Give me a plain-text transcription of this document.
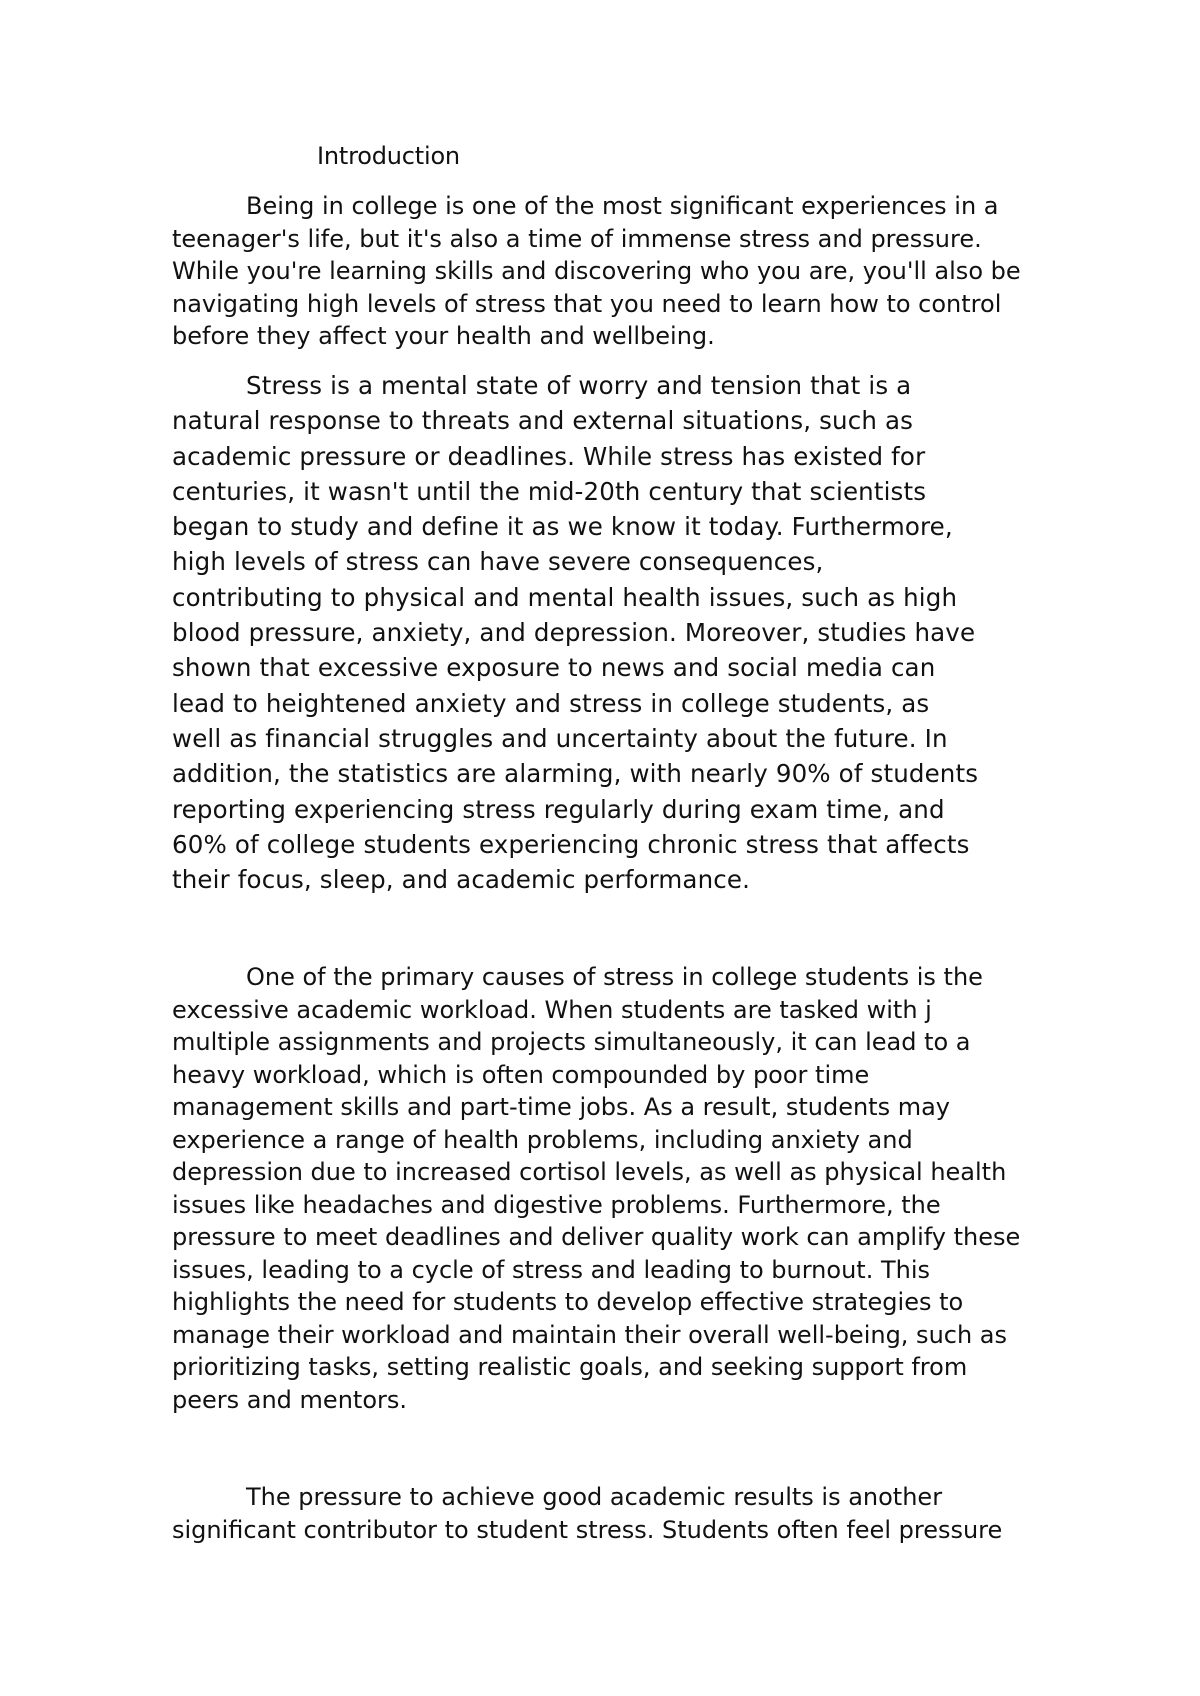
Introduction

Being in college is one of the most significant experiences in a
teenager's life, but it's also a time of immense stress and pressure.
While you're learning skills and discovering who you are, you'll also be
navigating high levels of stress that you need to learn how to control
before they affect your health and wellbeing.

Stress is a mental state of worry and tension that is a
natural response to threats and external situations, such as
academic pressure or deadlines. While stress has existed for
centuries, it wasn't until the mid-20th century that scientists
began to study and define it as we know it today. Furthermore,
high levels of stress can have severe consequences,
contributing to physical and mental health issues, such as high
blood pressure, anxiety, and depression. Moreover, studies have
shown that excessive exposure to news and social media can
lead to heightened anxiety and stress in college students, as
well as financial struggles and uncertainty about the future. In
addition, the statistics are alarming, with nearly 90% of students
reporting experiencing stress regularly during exam time, and
60% of college students experiencing chronic stress that affects
their focus, sleep, and academic performance.

One of the primary causes of stress in college students is the
excessive academic workload. When students are tasked with j
multiple assignments and projects simultaneously, it can lead to a
heavy workload, which is often compounded by poor time
management skills and part-time jobs. As a result, students may
experience a range of health problems, including anxiety and
depression due to increased cortisol levels, as well as physical health
issues like headaches and digestive problems. Furthermore, the
pressure to meet deadlines and deliver quality work can amplify these
issues, leading to a cycle of stress and leading to burnout. This
highlights the need for students to develop effective strategies to
manage their workload and maintain their overall well-being, such as
prioritizing tasks, setting realistic goals, and seeking support from
peers and mentors.

The pressure to achieve good academic results is another
significant contributor to student stress. Students often feel pressure
